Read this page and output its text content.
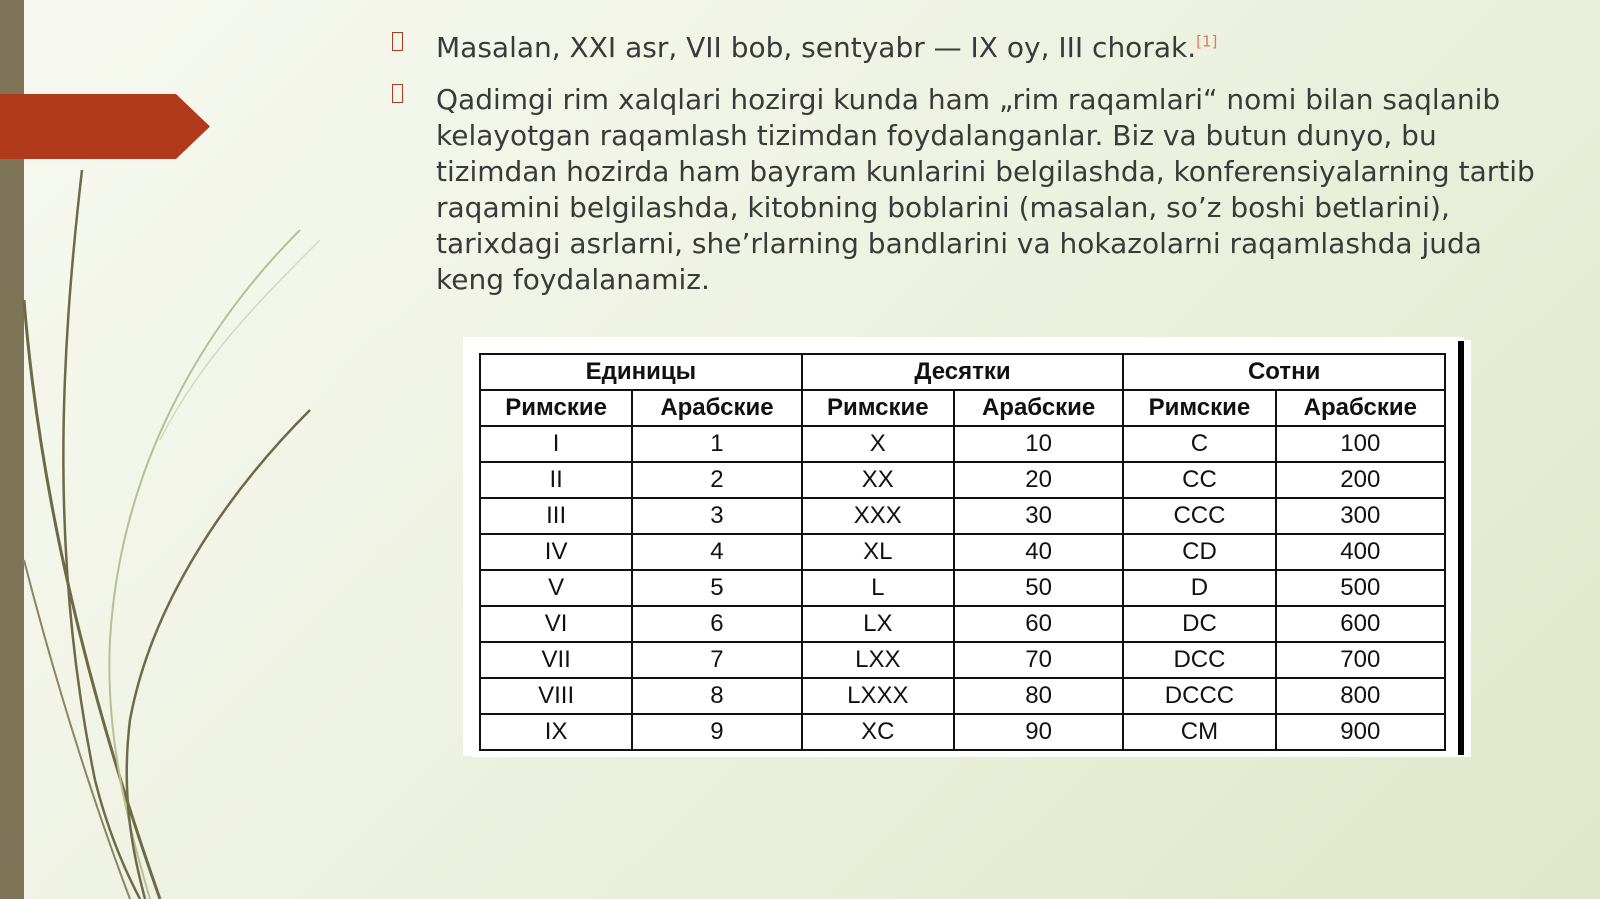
Masalan, XXI asr, VII bob, sentyabr — IX oy, III chorak.[1]
Qadimgi rim xalqlari hozirgi kunda ham „rim raqamlari“ nomi bilan saqlanib kelayotgan raqamlash tizimdan foydalanganlar. Biz va butun dunyo, bu tizimdan hozirda ham bayram kunlarini belgilashda, konferensiyalarning tartib raqamini belgilashda, kitobning boblarini (masalan, so’z boshi betlarini), tarixdagi asrlarni, she’rlarning bandlarini va hokazolarni raqamlashda juda keng foydalanamiz.
Единицы		Десятки		Сотни	
Римские	Арабские	Римские	Арабские	Римские	Арабские
I	1	X	10	C	100
II	2	XX	20	CC	200
III	3	XXX	30	CCC	300
IV	4	XL	40	CD	400
V	5	L	50	D	500
VI	6	LX	60	DC	600
VII	7	LXX	70	DCC	700
VIII	8	LXXX	80	DCCC	800
IX	9	XC	90	CM	900
